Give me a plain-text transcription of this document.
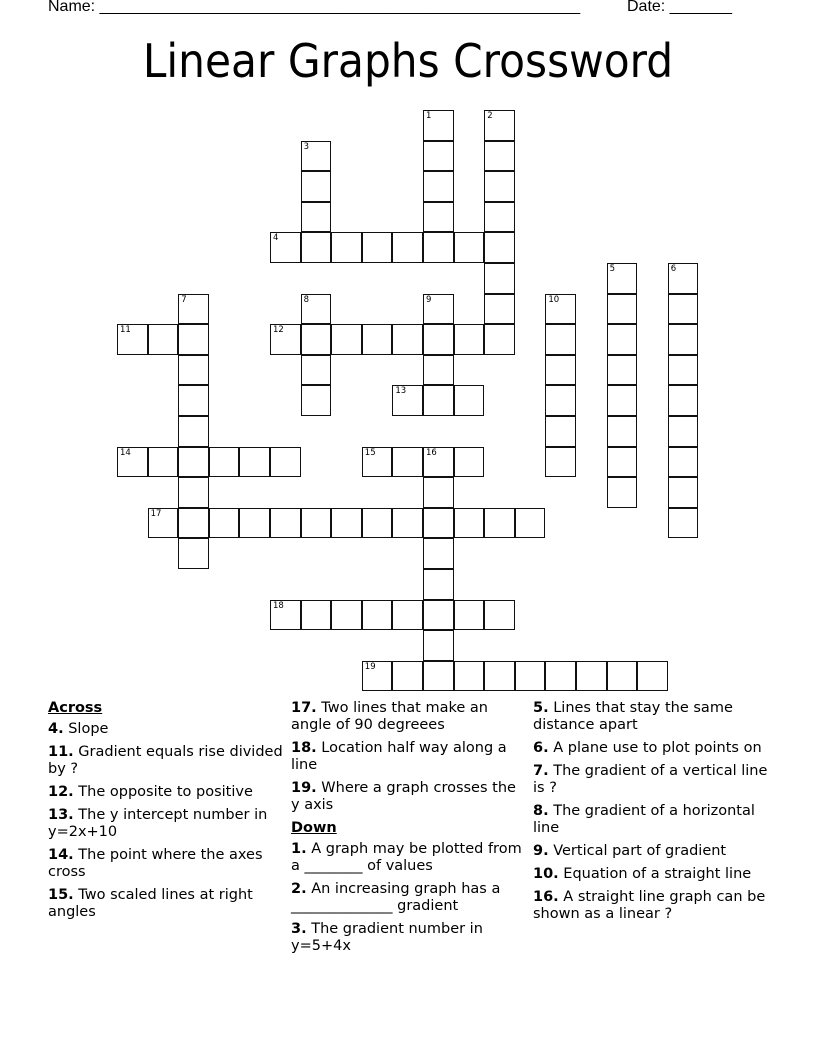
Name: ______________________________________________________	Date: _______
Linear Graphs Crossword
1	2
3
4
5	6
7	8	9	10
11	12
13
14	15	16
17
18
19
Across
4. Slope
11. Gradient equals rise divided by ?
12. The opposite to positive
13. The y intercept number in y=2x+10
14. The point where the axes cross
15. Two scaled lines at right angles
17. Two lines that make an angle of 90 degreees
18. Location half way along a line
19. Where a graph crosses the y axis
Down
1. A graph may be plotted from a ________ of values
2. An increasing graph has a ______________ gradient
3. The gradient number in y=5+4x
5. Lines that stay the same distance apart
6. A plane use to plot points on
7. The gradient of a vertical line is ?
8. The gradient of a horizontal line
9. Vertical part of gradient
10. Equation of a straight line
16. A straight line graph can be shown as a linear ?
